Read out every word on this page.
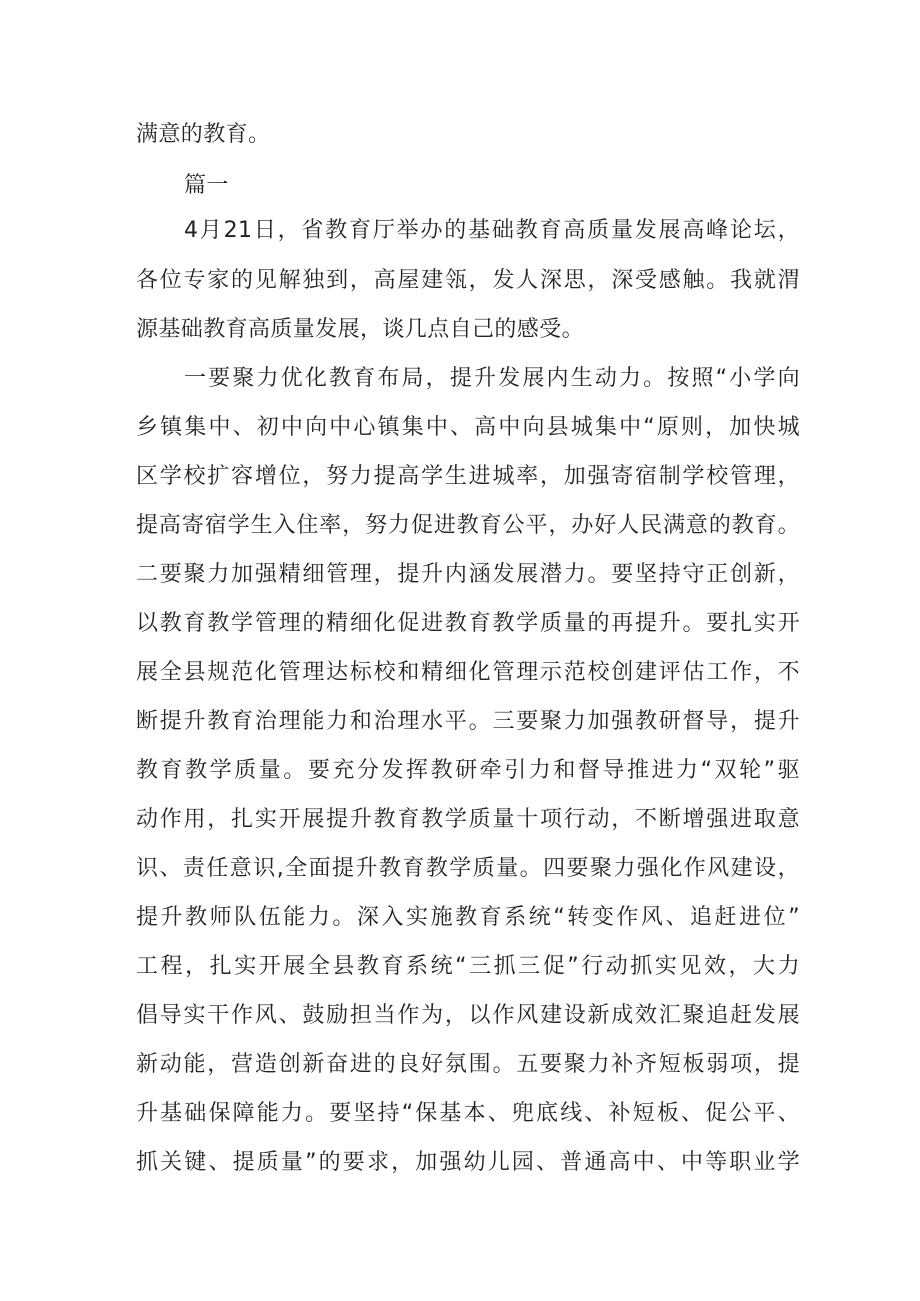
满意的教育。

篇一

4月21日，省教育厅举办的基础教育高质量发展高峰论坛，

各位专家的见解独到，高屋建瓴，发人深思，深受感触。我就渭

源基础教育高质量发展，谈几点自己的感受。

一要聚力优化教育布局，提升发展内生动力。按照“小学向

乡镇集中、初中向中心镇集中、高中向县城集中“原则，加快城

区学校扩容增位，努力提高学生进城率，加强寄宿制学校管理，

提高寄宿学生入住率，努力促进教育公平，办好人民满意的教育。

二要聚力加强精细管理，提升内涵发展潜力。要坚持守正创新，

以教育教学管理的精细化促进教育教学质量的再提升。要扎实开

展全县规范化管理达标校和精细化管理示范校创建评估工作，不

断提升教育治理能力和治理水平。三要聚力加强教研督导，提升

教育教学质量。要充分发挥教研牵引力和督导推进力“双轮”驱

动作用，扎实开展提升教育教学质量十项行动，不断增强进取意

识、责任意识,全面提升教育教学质量。四要聚力强化作风建设，

提升教师队伍能力。深入实施教育系统“转变作风、追赶进位”

工程，扎实开展全县教育系统“三抓三促”行动抓实见效，大力

倡导实干作风、鼓励担当作为，以作风建设新成效汇聚追赶发展

新动能，营造创新奋进的良好氛围。五要聚力补齐短板弱项，提

升基础保障能力。要坚持“保基本、兜底线、补短板、促公平、

抓关键、提质量”的要求，加强幼儿园、普通高中、中等职业学
